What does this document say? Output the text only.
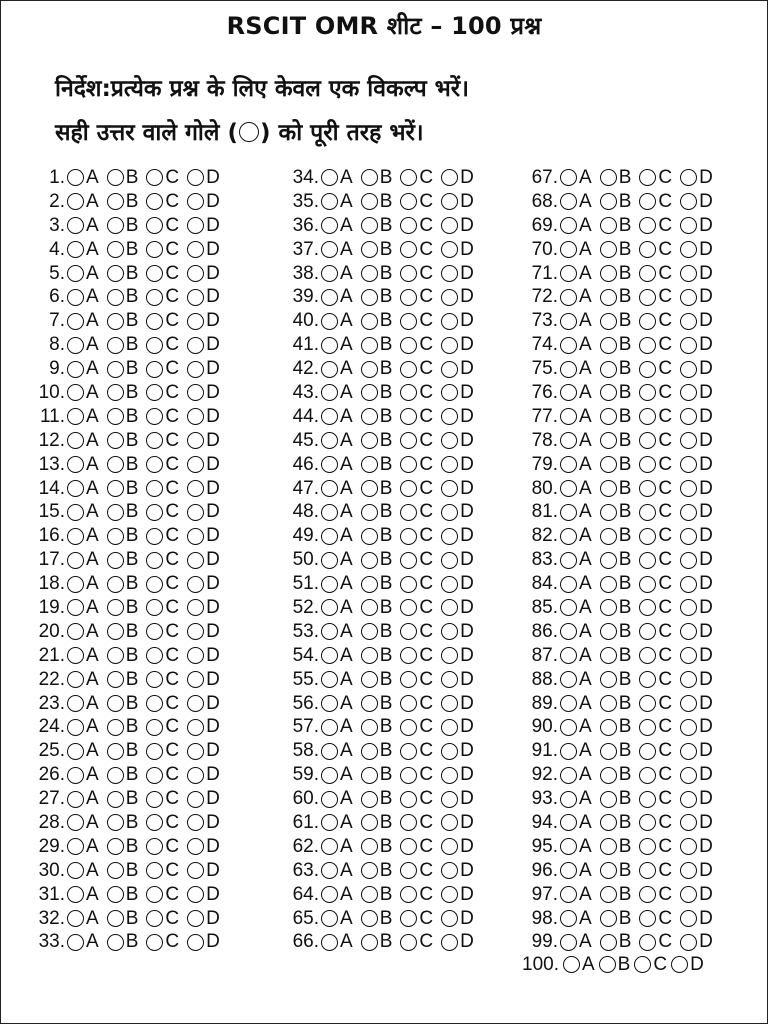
RSCIT OMR शीट – 100 प्रश्न
निर्देश:प्रत्येक प्रश्न के लिए केवल एक विकल्प भरें।
सही उत्तर वाले गोले ( ) को पूरी तरह भरें।
1. A B C D
2. A B C D
3. A B C D
4. A B C D
5. A B C D
6. A B C D
7. A B C D
8. A B C D
9. A B C D
10. A B C D
11. A B C D
12. A B C D
13. A B C D
14. A B C D
15. A B C D
16. A B C D
17. A B C D
18. A B C D
19. A B C D
20. A B C D
21. A B C D
22. A B C D
23. A B C D
24. A B C D
25. A B C D
26. A B C D
27. A B C D
28. A B C D
29. A B C D
30. A B C D
31. A B C D
32. A B C D
33. A B C D
34. A B C D
35. A B C D
36. A B C D
37. A B C D
38. A B C D
39. A B C D
40. A B C D
41. A B C D
42. A B C D
43. A B C D
44. A B C D
45. A B C D
46. A B C D
47. A B C D
48. A B C D
49. A B C D
50. A B C D
51. A B C D
52. A B C D
53. A B C D
54. A B C D
55. A B C D
56. A B C D
57. A B C D
58. A B C D
59. A B C D
60. A B C D
61. A B C D
62. A B C D
63. A B C D
64. A B C D
65. A B C D
66. A B C D
67. A B C D
68. A B C D
69. A B C D
70. A B C D
71. A B C D
72. A B C D
73. A B C D
74. A B C D
75. A B C D
76. A B C D
77. A B C D
78. A B C D
79. A B C D
80. A B C D
81. A B C D
82. A B C D
83. A B C D
84. A B C D
85. A B C D
86. A B C D
87. A B C D
88. A B C D
89. A B C D
90. A B C D
91. A B C D
92. A B C D
93. A B C D
94. A B C D
95. A B C D
96. A B C D
97. A B C D
98. A B C D
99. A B C D
100. A B C D
